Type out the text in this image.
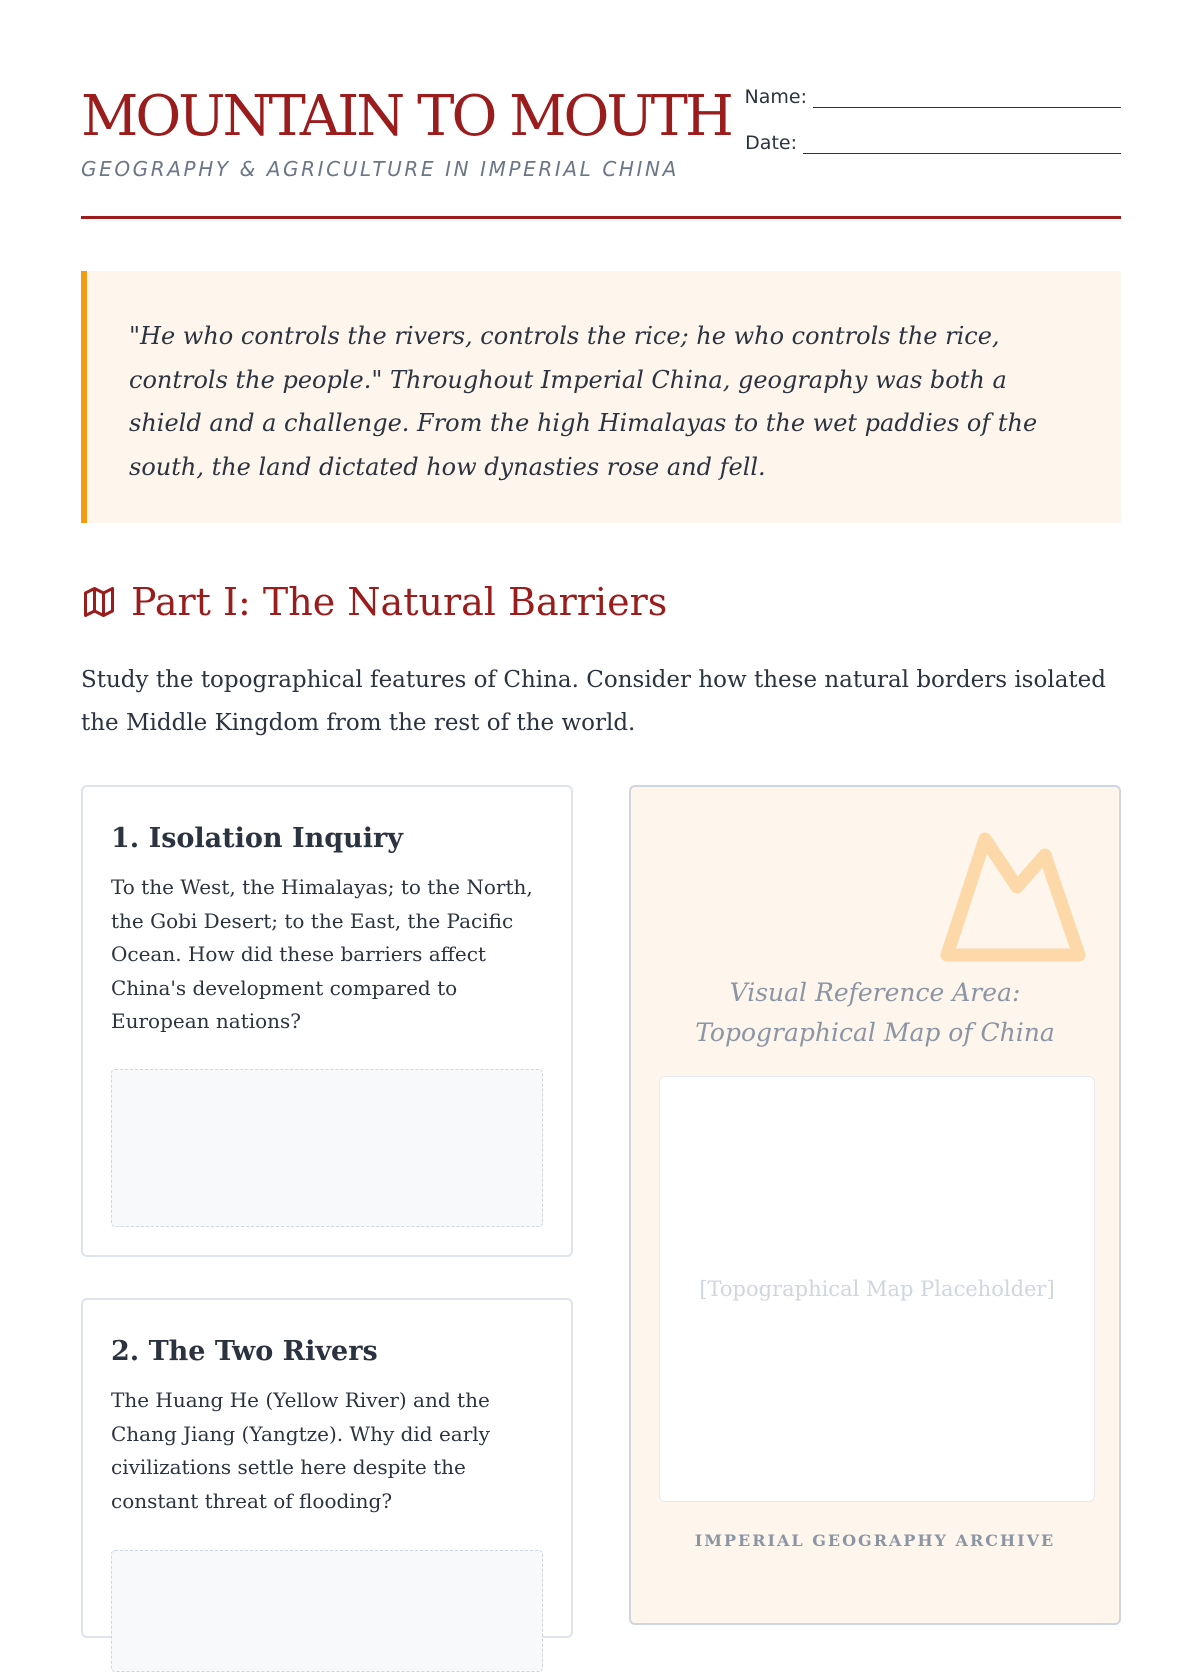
MOUNTAIN TO MOUTH
GEOGRAPHY & AGRICULTURE IN IMPERIAL CHINA
Name:
Date:
"He who controls the rivers, controls the rice; he who controls the rice, controls the people." Throughout Imperial China, geography was both a shield and a challenge. From the high Himalayas to the wet paddies of the south, the land dictated how dynasties rose and fell.
Part I: The Natural Barriers
Study the topographical features of China. Consider how these natural borders isolated the Middle Kingdom from the rest of the world.
1. Isolation Inquiry

To the West, the Himalayas; to the North, the Gobi Desert; to the East, the Pacific Ocean. How did these barriers affect China's development compared to European nations?

2. The Two Rivers

The Huang He (Yellow River) and the Chang Jiang (Yangtze). Why did early civilizations settle here despite the constant threat of flooding?

Visual Reference Area:
Topographical Map of China
[Topographical Map Placeholder]
IMPERIAL GEOGRAPHY ARCHIVE
